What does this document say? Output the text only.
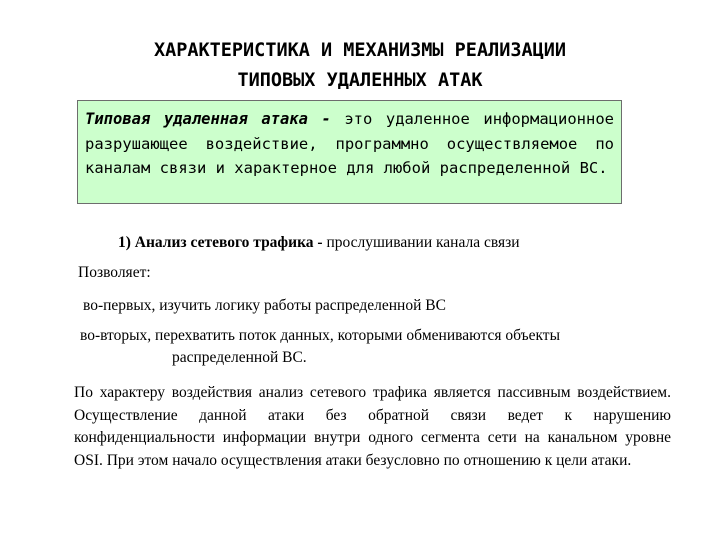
ХАРАКТЕРИСТИКА И МЕХАНИЗМЫ РЕАЛИЗАЦИИ
ТИПОВЫХ УДАЛЕННЫХ АТАК
Типовая удаленная атака - это удаленное информационное разрушающее воздействие, программно осуществляемое по каналам связи и характерное для любой распределенной ВС.

1) Анализ сетевого трафика - прослушивании канала связи

Позволяет:

во-первых, изучить логику работы распределенной ВС

во-вторых, перехватить поток данных, которыми обмениваются объекты
распределенной ВС.

По характеру воздействия анализ сетевого трафика является пассивным воздействием. Осуществление данной атаки без обратной связи ведет к нарушению конфиденциальности информации внутри одного сегмента сети на канальном уровне OSI. При этом начало осуществления атаки безусловно по отношению к цели атаки.
